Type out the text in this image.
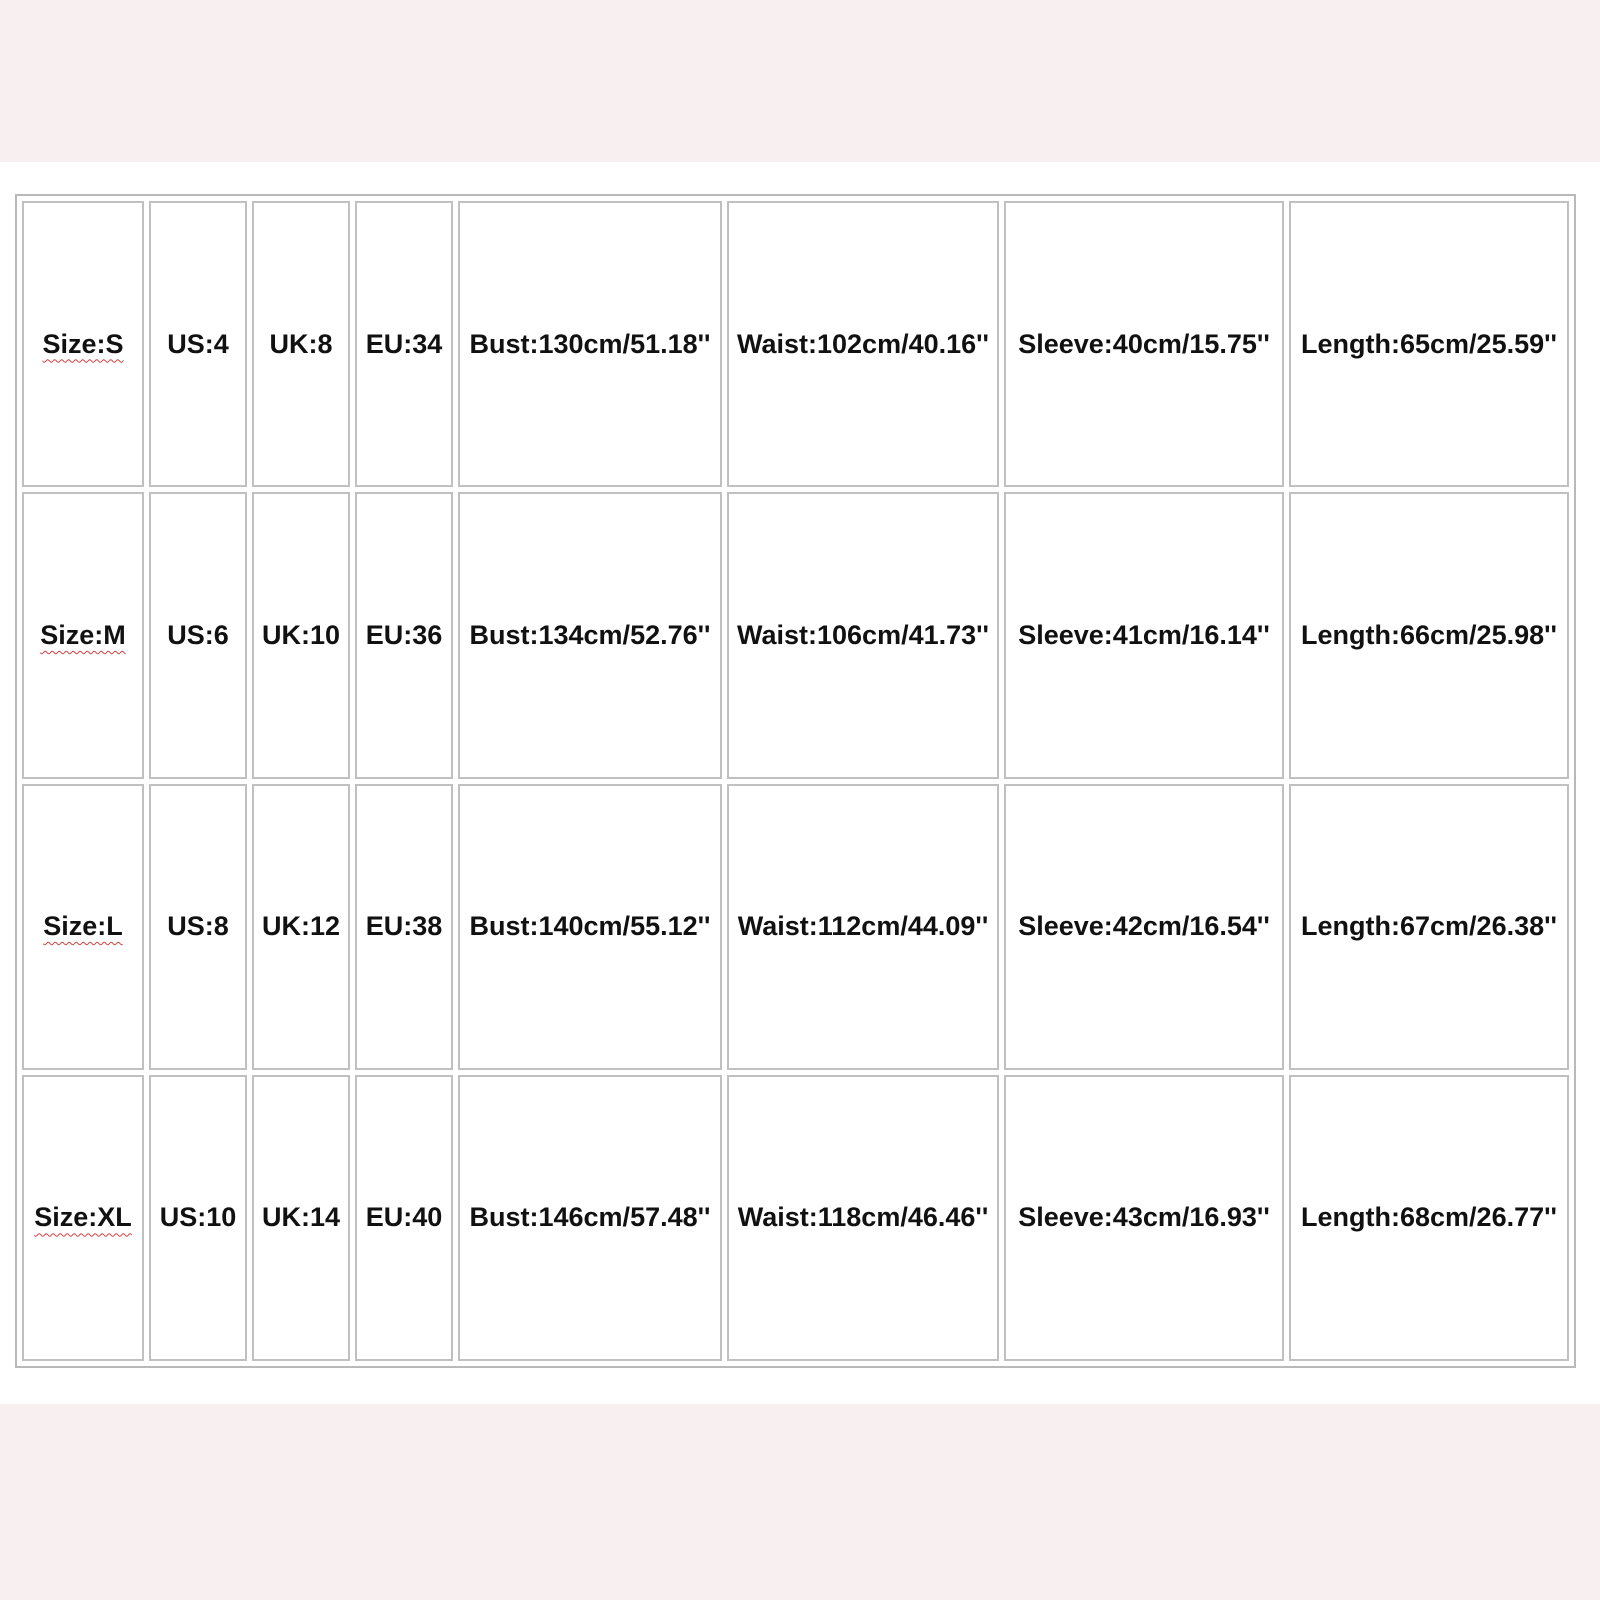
Size:S	US:4	UK:8	EU:34	Bust:130cm/51.18''	Waist:102cm/40.16''	Sleeve:40cm/15.75''	Length:65cm/25.59''
Size:M	US:6	UK:10	EU:36	Bust:134cm/52.76''	Waist:106cm/41.73''	Sleeve:41cm/16.14''	Length:66cm/25.98''
Size:L	US:8	UK:12	EU:38	Bust:140cm/55.12''	Waist:112cm/44.09''	Sleeve:42cm/16.54''	Length:67cm/26.38''
Size:XL	US:10	UK:14	EU:40	Bust:146cm/57.48''	Waist:118cm/46.46''	Sleeve:43cm/16.93''	Length:68cm/26.77''
